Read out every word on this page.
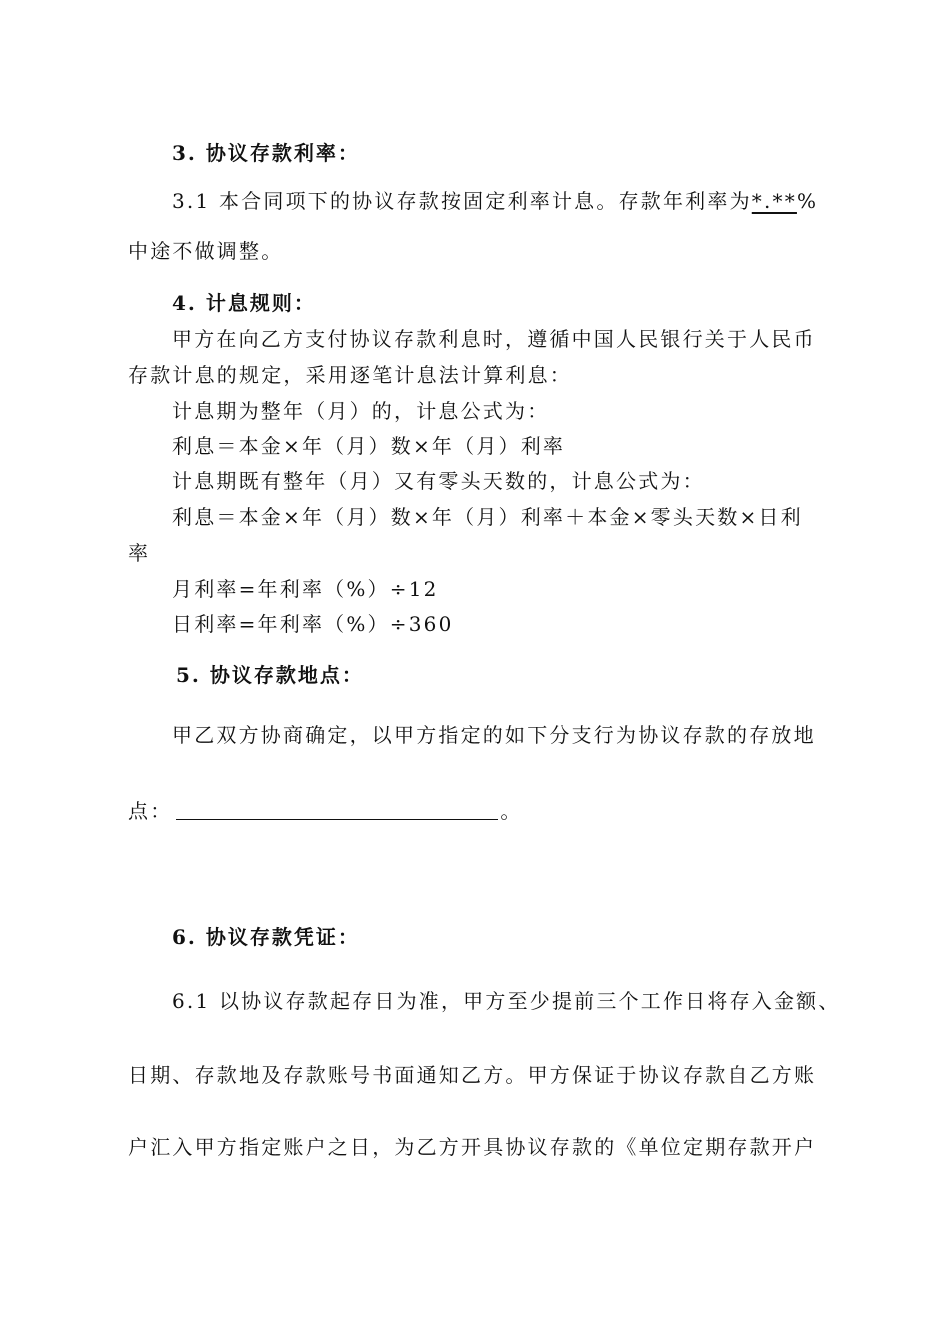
3. 协议存款利率：
3.1 本合同项下的协议存款按固定利率计息。存款年利率为*.**%
中途不做调整。
4. 计息规则：
甲方在向乙方支付协议存款利息时，遵循中国人民银行关于人民币
存款计息的规定，采用逐笔计息法计算利息：
计息期为整年（月）的，计息公式为：
利息＝本金×年（月）数×年（月）利率
计息期既有整年（月）又有零头天数的，计息公式为：
利息＝本金×年（月）数×年（月）利率＋本金×零头天数×日利
率
月利率=年利率（%）÷12
日利率=年利率（%）÷360
5. 协议存款地点：
甲乙双方协商确定，以甲方指定的如下分支行为协议存款的存放地
点：	。
6. 协议存款凭证：
6.1 以协议存款起存日为准，甲方至少提前三个工作日将存入金额、
日期、存款地及存款账号书面通知乙方。甲方保证于协议存款自乙方账
户汇入甲方指定账户之日，为乙方开具协议存款的《单位定期存款开户
